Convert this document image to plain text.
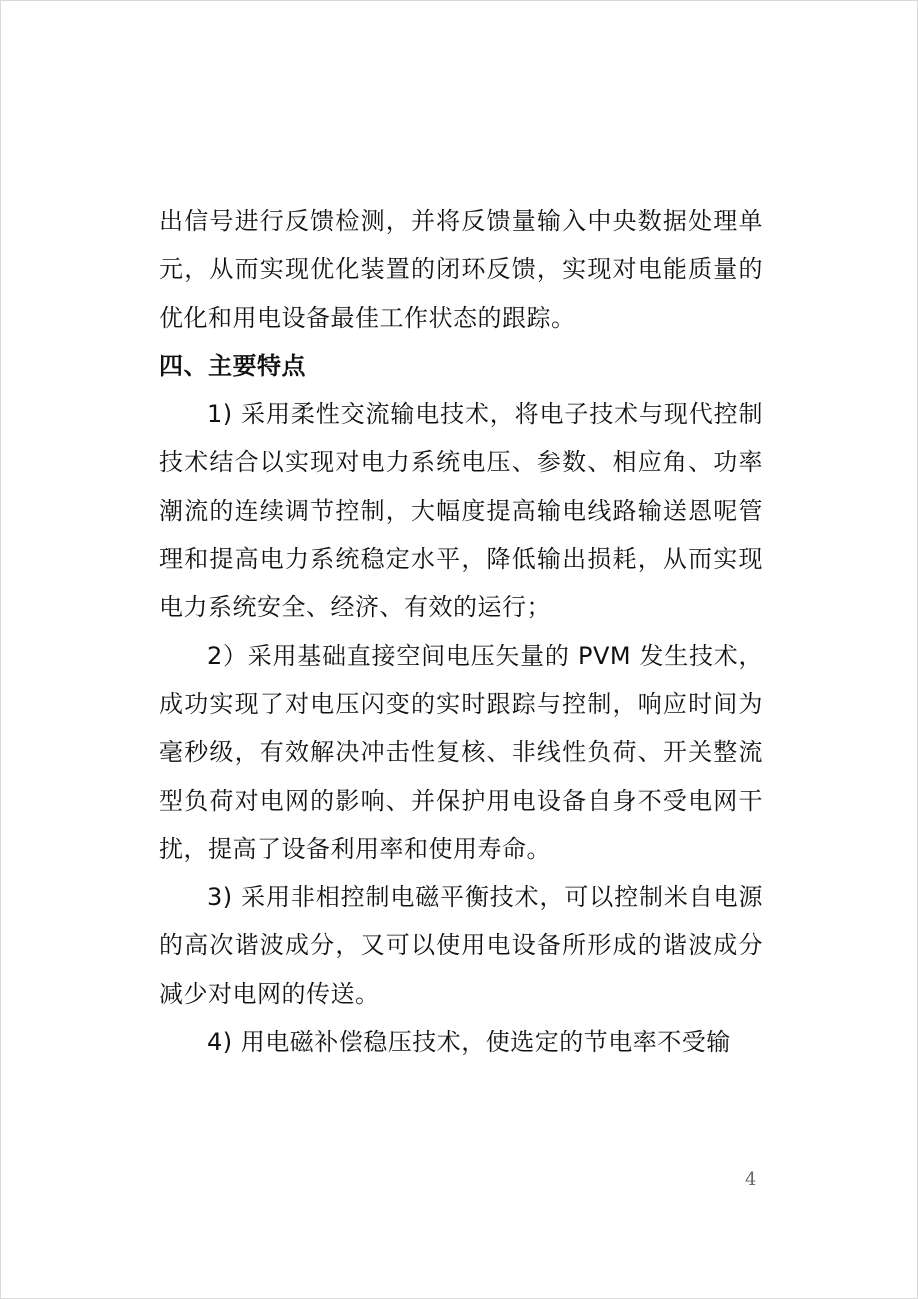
出信号进行反馈检测，并将反馈量输入中央数据处理单元，从而实现优化装置的闭环反馈，实现对电能质量的优化和用电设备最佳工作状态的跟踪。

四、主要特点

1) 采用柔性交流输电技术，将电子技术与现代控制技术结合以实现对电力系统电压、参数、相应角、功率潮流的连续调节控制，大幅度提高输电线路输送恩呢管理和提高电力系统稳定水平，降低输出损耗，从而实现电力系统安全、经济、有效的运行；

2）采用基础直接空间电压矢量的 PVM 发生技术，成功实现了对电压闪变的实时跟踪与控制，响应时间为毫秒级，有效解决冲击性复核、非线性负荷、开关整流型负荷对电网的影响、并保护用电设备自身不受电网干扰，提高了设备利用率和使用寿命。

3) 采用非相控制电磁平衡技术，可以控制米自电源的高次谐波成分，又可以使用电设备所形成的谐波成分减少对电网的传送。

4) 用电磁补偿稳压技术，使选定的节电率不受输

4
